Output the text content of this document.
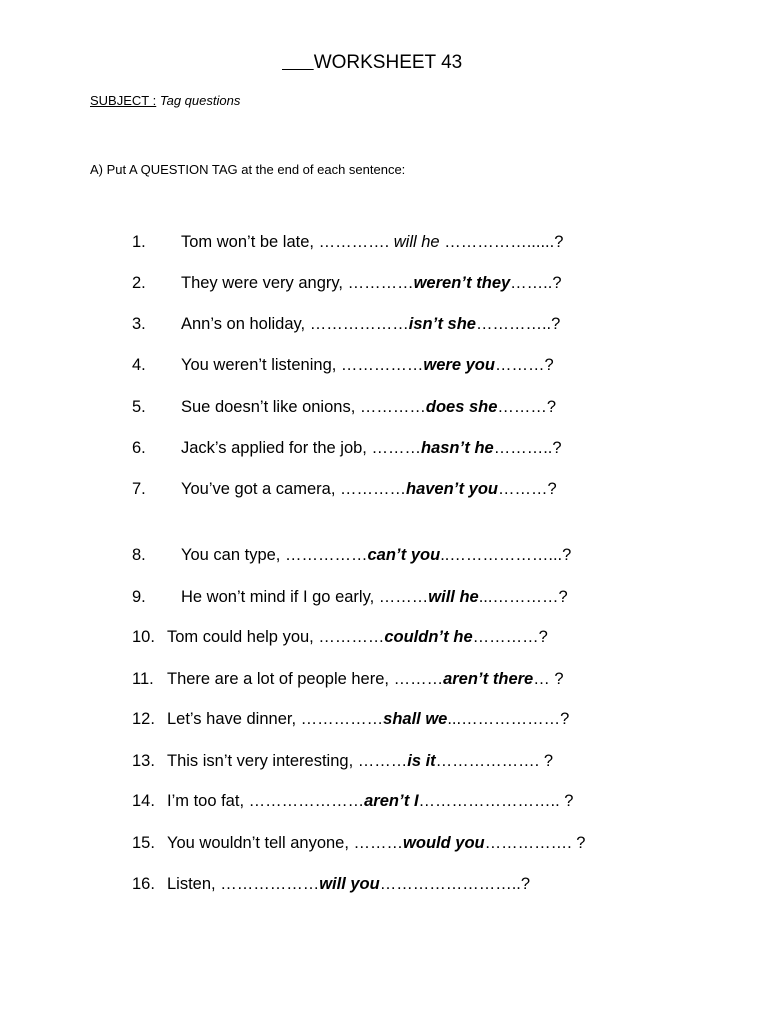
WORKSHEET 43
SUBJECT : Tag questions
A) Put A QUESTION TAG at the end of each sentence:
1. Tom won’t be late, …………. will he ……………......?
2. They were very angry, …………weren’t they……..?
3. Ann’s on holiday, ………………isn’t she…………..?
4. You weren’t listening, ……………were you………?
5. Sue doesn’t like onions, …………does she………?
6. Jack’s applied for the job, ………hasn’t he………..?
7. You’ve got a camera, …………haven’t you………?
8. You can type, ……………can’t you..………………...?
9. He won’t mind if I go early, ………will he...…………?
10. Tom could help you, …………couldn’t he…………?
11. There are a lot of people here, ………aren’t there… ?
12. Let’s have dinner, ……………shall we...………………?
13. This isn’t very interesting, ………is it………………. ?
14. I’m too fat, …………………aren’t I…………………….. ?
15. You wouldn’t tell anyone, ………would you……………. ?
16. Listen, ………………will you……………………..?
